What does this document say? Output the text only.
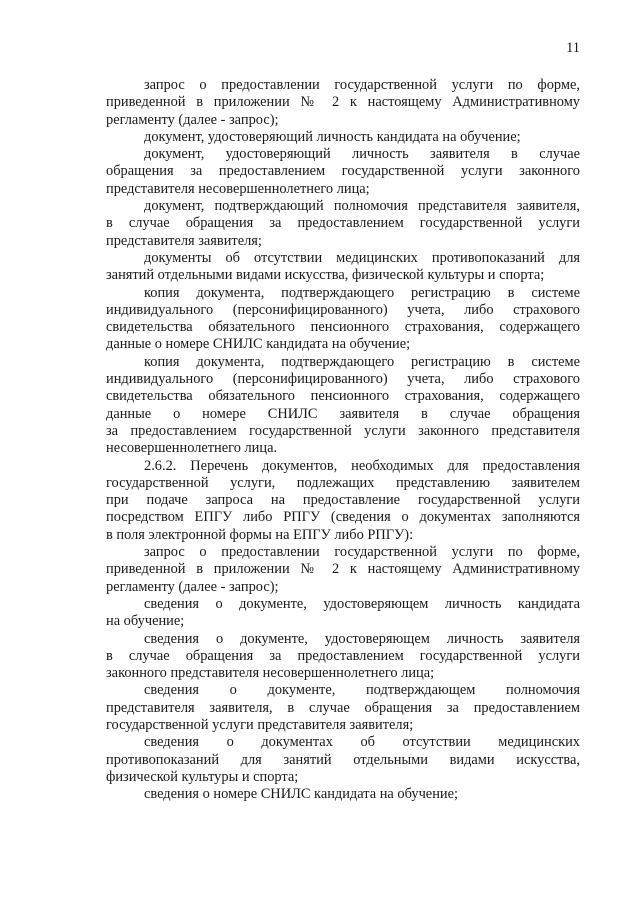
11
запрос о предоставлении государственной услуги по форме,
приведенной в приложении № 2 к настоящему Административному
регламенту (далее - запрос);
документ, удостоверяющий личность кандидата на обучение;
документ, удостоверяющий личность заявителя в случае
обращения за предоставлением государственной услуги законного
представителя несовершеннолетнего лица;
документ, подтверждающий полномочия представителя заявителя,
в случае обращения за предоставлением государственной услуги
представителя заявителя;
документы об отсутствии медицинских противопоказаний для
занятий отдельными видами искусства, физической культуры и спорта;
копия документа, подтверждающего регистрацию в системе
индивидуального (персонифицированного) учета, либо страхового
свидетельства обязательного пенсионного страхования, содержащего
данные о номере СНИЛС кандидата на обучение;
копия документа, подтверждающего регистрацию в системе
индивидуального (персонифицированного) учета, либо страхового
свидетельства обязательного пенсионного страхования, содержащего
данные о номере СНИЛС заявителя в случае обращения
за предоставлением государственной услуги законного представителя
несовершеннолетнего лица.
2.6.2. Перечень документов, необходимых для предоставления
государственной услуги, подлежащих представлению заявителем
при подаче запроса на предоставление государственной услуги
посредством ЕПГУ либо РПГУ (сведения о документах заполняются
в поля электронной формы на ЕПГУ либо РПГУ):
запрос о предоставлении государственной услуги по форме,
приведенной в приложении № 2 к настоящему Административному
регламенту (далее - запрос);
сведения о документе, удостоверяющем личность кандидата
на обучение;
сведения о документе, удостоверяющем личность заявителя
в случае обращения за предоставлением государственной услуги
законного представителя несовершеннолетнего лица;
сведения о документе, подтверждающем полномочия
представителя заявителя, в случае обращения за предоставлением
государственной услуги представителя заявителя;
сведения о документах об отсутствии медицинских
противопоказаний для занятий отдельными видами искусства,
физической культуры и спорта;
сведения о номере СНИЛС кандидата на обучение;
